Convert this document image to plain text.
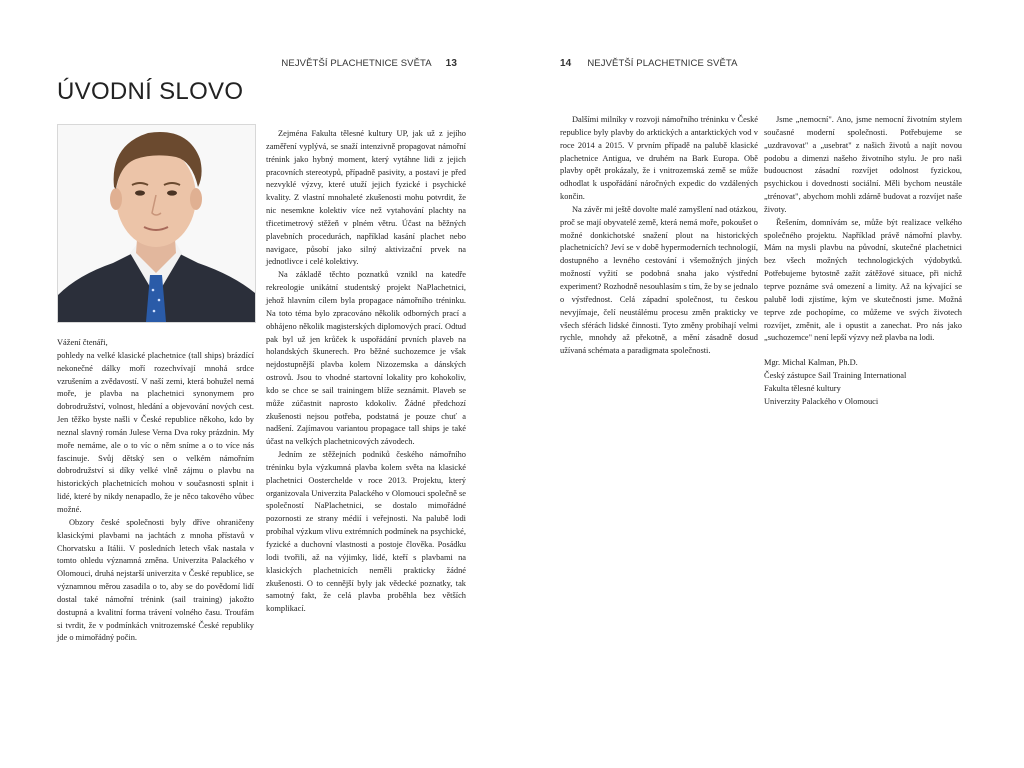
NEJVĚTŠÍ PLACHETNICE SVĚTA 13
ÚVODNÍ SLOVO

Vážení čtenáři,

pohledy na velké klasické plachetnice (tall ships) brázdící nekonečné dálky moří rozechvívají mnohá srdce vzrušením a zvědavostí. V naší zemi, která bohužel nemá moře, je plavba na plachetnici synonymem pro dobrodružství, volnost, hledání a objevování nových cest. Jen těžko byste našli v České republice někoho, kdo by neznal slavný román Julese Verna Dva roky prázdnin. My moře nemáme, ale o to víc o něm sníme a o to více nás fascinuje. Svůj dětský sen o velkém námořním dobrodružství si díky velké vlně zájmu o plavbu na historických plachetnicích mohou v současnosti splnit i lidé, které by nikdy nenapadlo, že je něco takového vůbec možné.

Obzory české společnosti byly dříve ohraničeny klasickými plavbami na jachtách z mnoha přístavů v Chorvatsku a Itálii. V posledních letech však nastala v tomto ohledu významná změna. Univerzita Palackého v Olomouci, druhá nejstarší univerzita v České republice, se významnou měrou zasadila o to, aby se do povědomí lidí dostal také námořní trénink (sail training) jakožto dostupná a kvalitní forma trávení volného času. Troufám si tvrdit, že v podmínkách vnitrozemské České republiky jde o mimořádný počin.

Zejména Fakulta tělesné kultury UP, jak už z jejího zaměření vyplývá, se snaží intenzivně propagovat námořní trénink jako hybný moment, který vytáhne lidi z jejich pracovních stereotypů, případně pasivity, a postaví je před nezvyklé výzvy, které utuží jejich fyzické i psychické kvality. Z vlastní mnohaleté zkušenosti mohu potvrdit, že nic nesemkne kolektiv více než vytahování plachty na třicetimetrový stěžeň v plném větru. Účast na běžných plavebních procedurách, například kasání plachet nebo navigace, působí jako silný aktivizační prvek na jednotlivce i celé kolektivy.

Na základě těchto poznatků vznikl na katedře rekreologie unikátní studentský projekt NaPlachetnici, jehož hlavním cílem byla propagace námořního tréninku. Na toto téma bylo zpracováno několik odborných prací a obhájeno několik magisterských diplomových prací. Odtud pak byl už jen krůček k uspořádání prvních plaveb na holandských škunerech. Pro běžné suchozemce je však nejdostupnější plavba kolem Nizozemska a dánských ostrovů. Jsou to vhodné startovní lokality pro kohokoliv, kdo se chce se sail trainingem blíže seznámit. Plaveb se může zúčastnit naprosto kdokoliv. Žádné předchozí zkušenosti nejsou potřeba, podstatná je pouze chuť a nadšení. Zajímavou variantou propagace tall ships je také účast na velkých plachetnicových závodech.

Jedním ze stěžejních podniků českého námořního tréninku byla výzkumná plavba kolem světa na klasické plachetnici Oosterchelde v roce 2013. Projektu, který organizovala Univerzita Palackého v Olomouci společně se společností NaPlachetnici, se dostalo mimořádné pozornosti ze strany médií i veřejnosti. Na palubě lodi probíhal výzkum vlivu extrémních podmínek na psychické, fyzické a duchovní vlastnosti a postoje člověka. Posádku lodi tvořili, až na výjimky, lidé, kteří s plavbami na klasických plachetnicích neměli prakticky žádné zkušenosti. O to cennější byly jak vědecké poznatky, tak samotný fakt, že celá plavba proběhla bez větších komplikací.

14 NEJVĚTŠÍ PLACHETNICE SVĚTA

Dalšími milníky v rozvoji námořního tréninku v České republice byly plavby do arktických a antarktických vod v roce 2014 a 2015. V prvním případě na palubě klasické plachetnice Antigua, ve druhém na Bark Europa. Obě plavby opět prokázaly, že i vnitrozemská země se může odhodlat k uspořádání náročných expedic do vzdálených končin.

Na závěr mi ještě dovolte malé zamyšlení nad otázkou, proč se mají obyvatelé země, která nemá moře, pokoušet o možné donkichotské snažení plout na historických plachetnicích? Jeví se v době hypermoderních technologií, dostupného a levného cestování i všemožných jiných možností vyžití se podobná snaha jako výstřední experiment? Rozhodně nesouhlasím s tím, že by se jednalo o výstřednost. Celá západní společnost, tu českou nevyjímaje, čelí neustálému procesu změn prakticky ve všech sférách lidské činnosti. Tyto změny probíhají velmi rychle, mnohdy až překotně, a mění zásadně dosud užívaná schémata a paradigmata společnosti.

Jsme „nemocní". Ano, jsme nemocní životním stylem současné moderní společnosti. Potřebujeme se „uzdravovat" a „usebrat" z našich životů a najít novou podobu a dimenzi našeho životního stylu. Je pro naši budoucnost zásadní rozvíjet odolnost fyzickou, psychickou i dovednosti sociální. Měli bychom neustále „trénovat", abychom mohli zdárně budovat a rozvíjet naše životy.

Řešením, domnívám se, může být realizace velkého společného projektu. Například právě námořní plavby. Mám na mysli plavbu na původní, skutečné plachetnici bez všech možných technologických výdobytků. Potřebujeme bytostně zažít zátěžové situace, při nichž teprve poznáme svá omezení a limity. Až na kývající se palubě lodi zjistíme, kým ve skutečnosti jsme. Možná teprve zde pochopíme, co můžeme ve svých životech rozvíjet, změnit, ale i opustit a zanechat. Pro nás jako „suchozemce" není lepší výzvy než plavba na lodi.

Mgr. Michal Kalman, Ph.D.
Český zástupce Sail Training International
Fakulta tělesné kultury
Univerzity Palackého v Olomouci
